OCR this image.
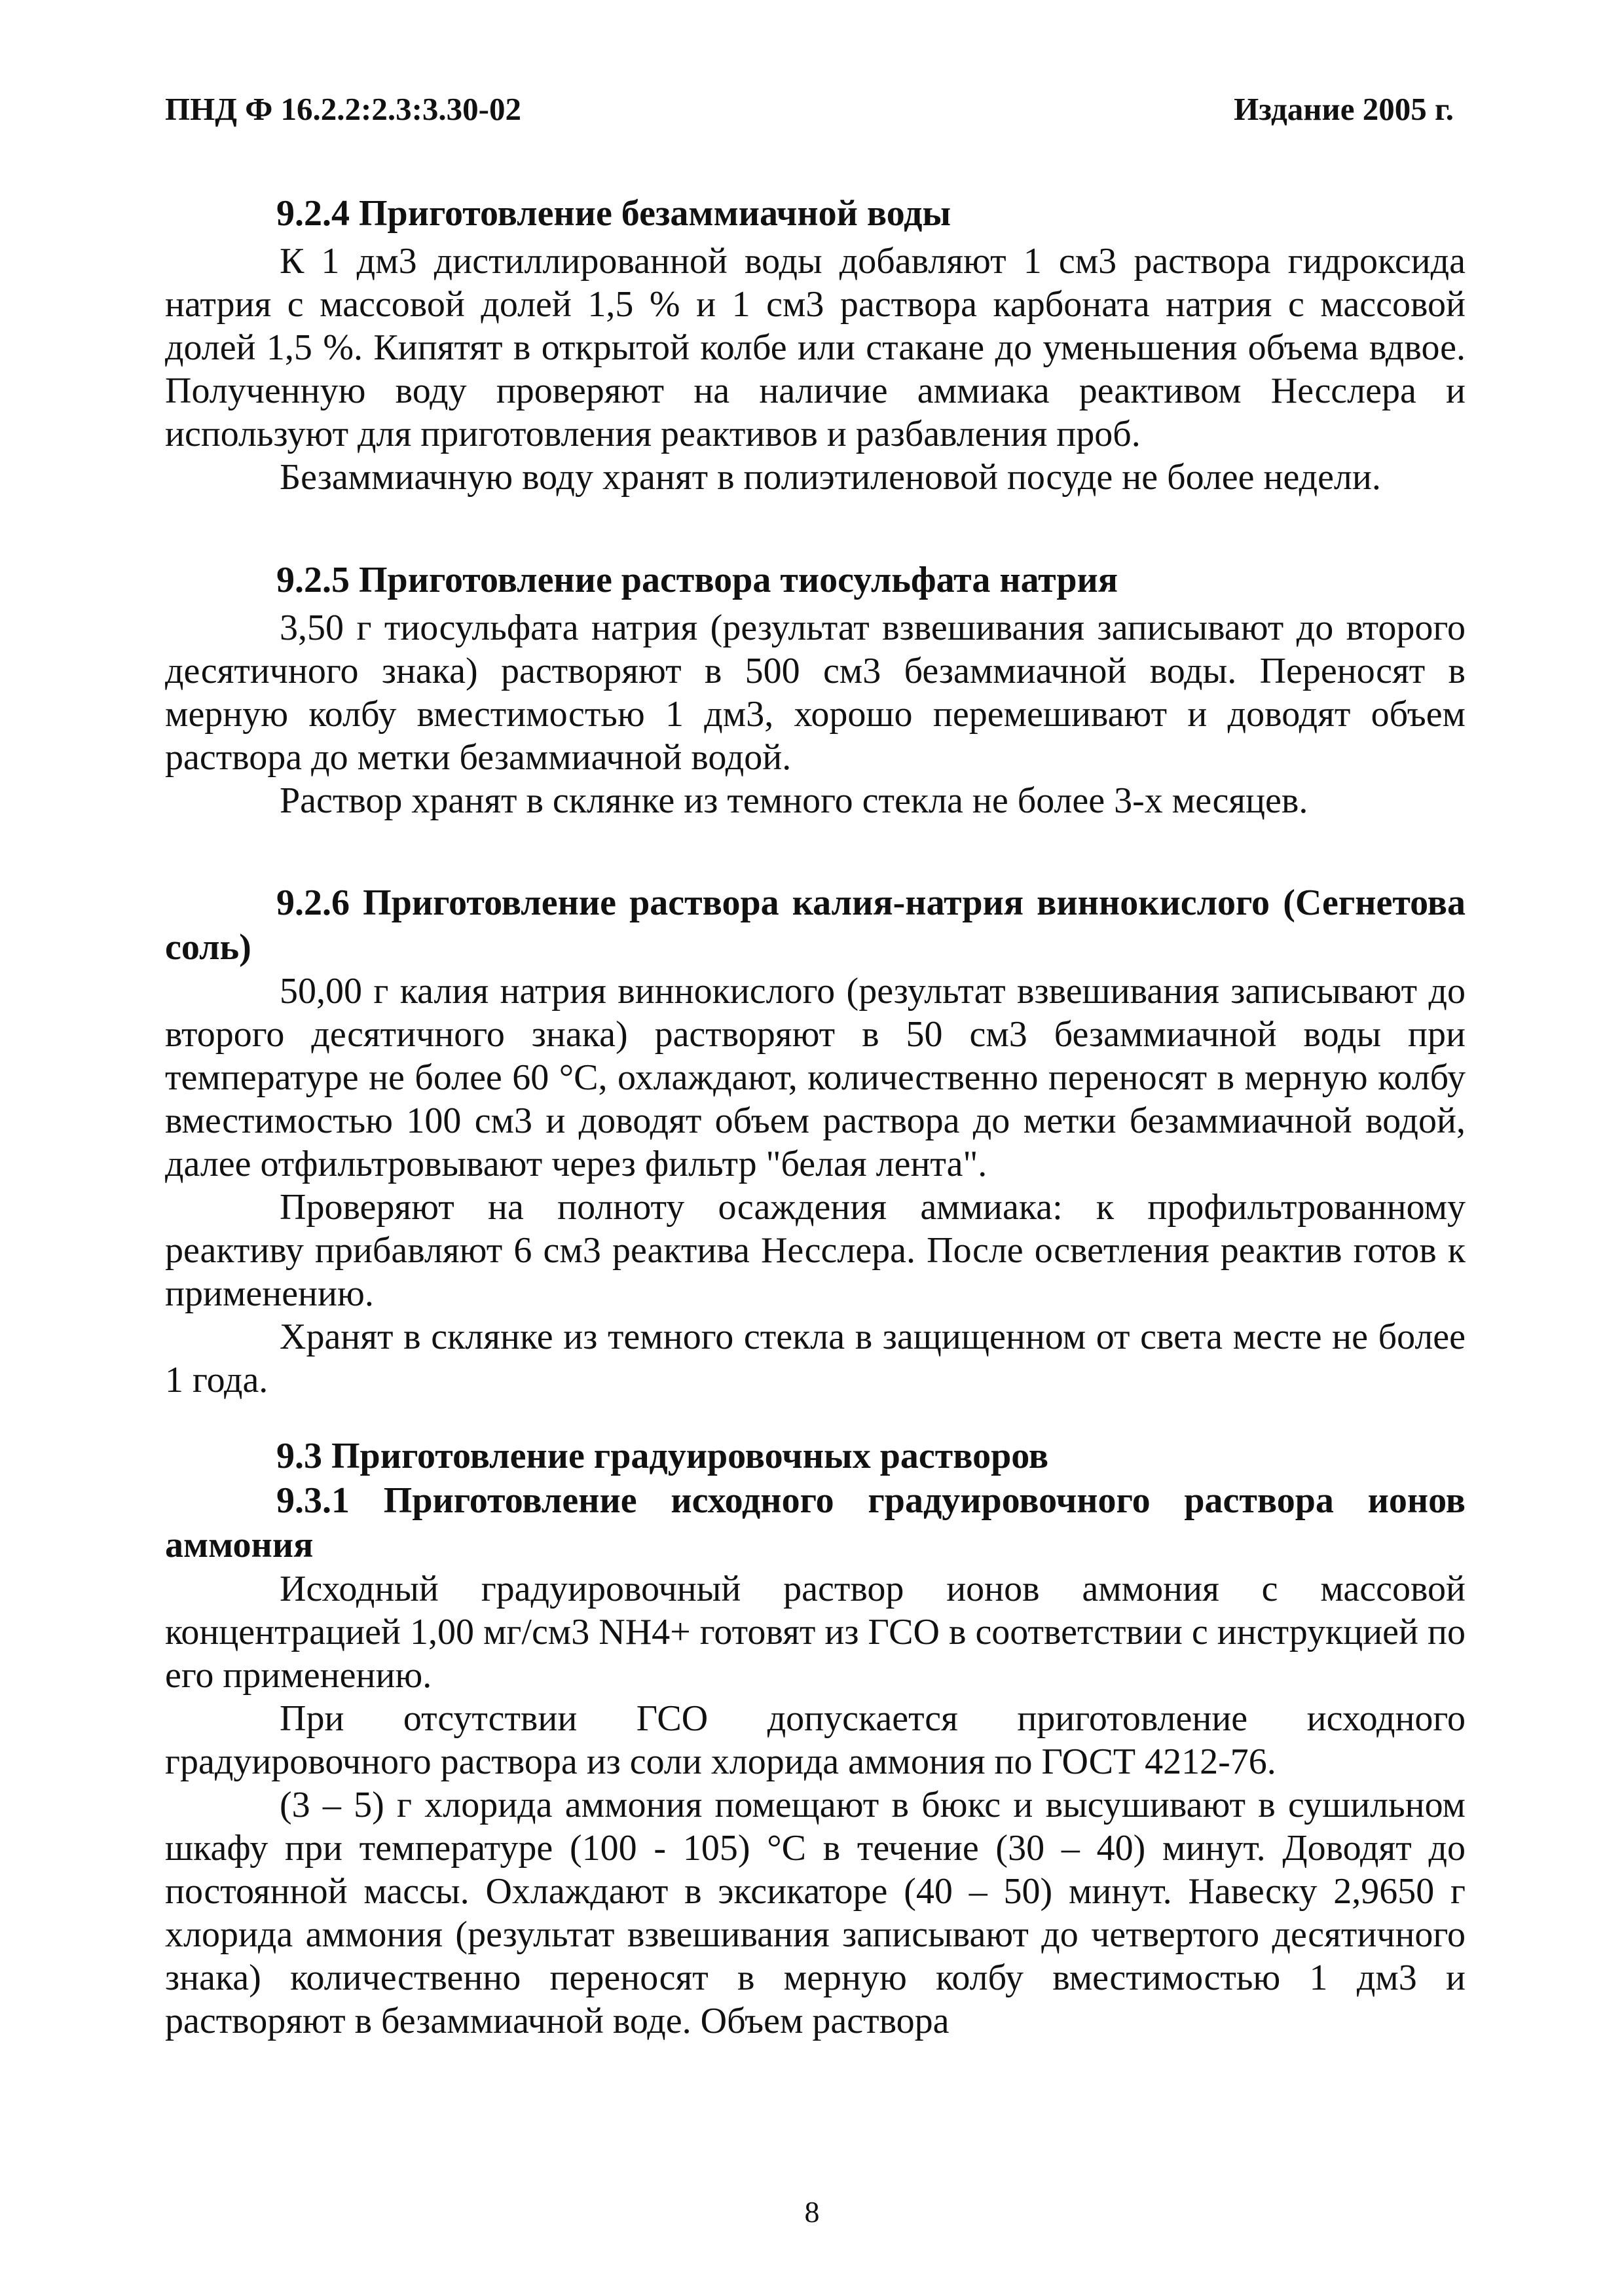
ПНД Ф 16.2.2:2.3:3.30-02	Издание 2005 г.

9.2.4 Приготовление безаммиачной воды

К 1 дм3 дистиллированной воды добавляют 1 см3 раствора гидроксида натрия с массовой долей 1,5 % и 1 см3 раствора карбоната натрия с массовой долей 1,5 %. Кипятят в открытой колбе или стакане до уменьшения объема вдвое. Полученную воду проверяют на наличие аммиака реактивом Несслера и используют для приготовления реактивов и разбавления проб.

Безаммиачную воду хранят в полиэтиленовой посуде не более недели.

9.2.5 Приготовление раствора тиосульфата натрия

3,50 г тиосульфата натрия (результат взвешивания записывают до второго десятичного знака) растворяют в 500 см3 безаммиачной воды. Переносят в мерную колбу вместимостью 1 дм3, хорошо перемешивают и доводят объем раствора до метки безаммиачной водой.

Раствор хранят в склянке из темного стекла не более 3-х месяцев.

9.2.6 Приготовление раствора калия-натрия виннокислого (Сегнетова соль)

50,00 г калия натрия виннокислого (результат взвешивания записывают до второго десятичного знака) растворяют в 50 см3 безаммиачной воды при температуре не более 60 °С, охлаждают, количественно переносят в мерную колбу вместимостью 100 см3 и доводят объем раствора до метки безаммиачной водой, далее отфильтровывают через фильтр "белая лента".

Проверяют на полноту осаждения аммиака: к профильтрованному реактиву прибавляют 6 см3 реактива Несслера. После осветления реактив готов к применению.

Хранят в склянке из темного стекла в защищенном от света месте не более 1 года.

9.3 Приготовление градуировочных растворов

9.3.1 Приготовление исходного градуировочного раствора ионов аммония

Исходный градуировочный раствор ионов аммония с массовой концентрацией 1,00 мг/см3 NH4+ готовят из ГСО в соответствии с инструкцией по его применению.

При отсутствии ГСО допускается приготовление исходного градуировочного раствора из соли хлорида аммония по ГОСТ 4212-76.

(3 – 5) г хлорида аммония помещают в бюкс и высушивают в сушильном шкафу при температуре (100 - 105) °С в течение (30 – 40) минут. Доводят до постоянной массы. Охлаждают в эксикаторе (40 – 50) минут. Навеску 2,9650 г хлорида аммония (результат взвешивания записывают до четвертого десятичного знака) количественно переносят в мерную колбу вместимостью 1 дм3 и растворяют в безаммиачной воде. Объем раствора

8
